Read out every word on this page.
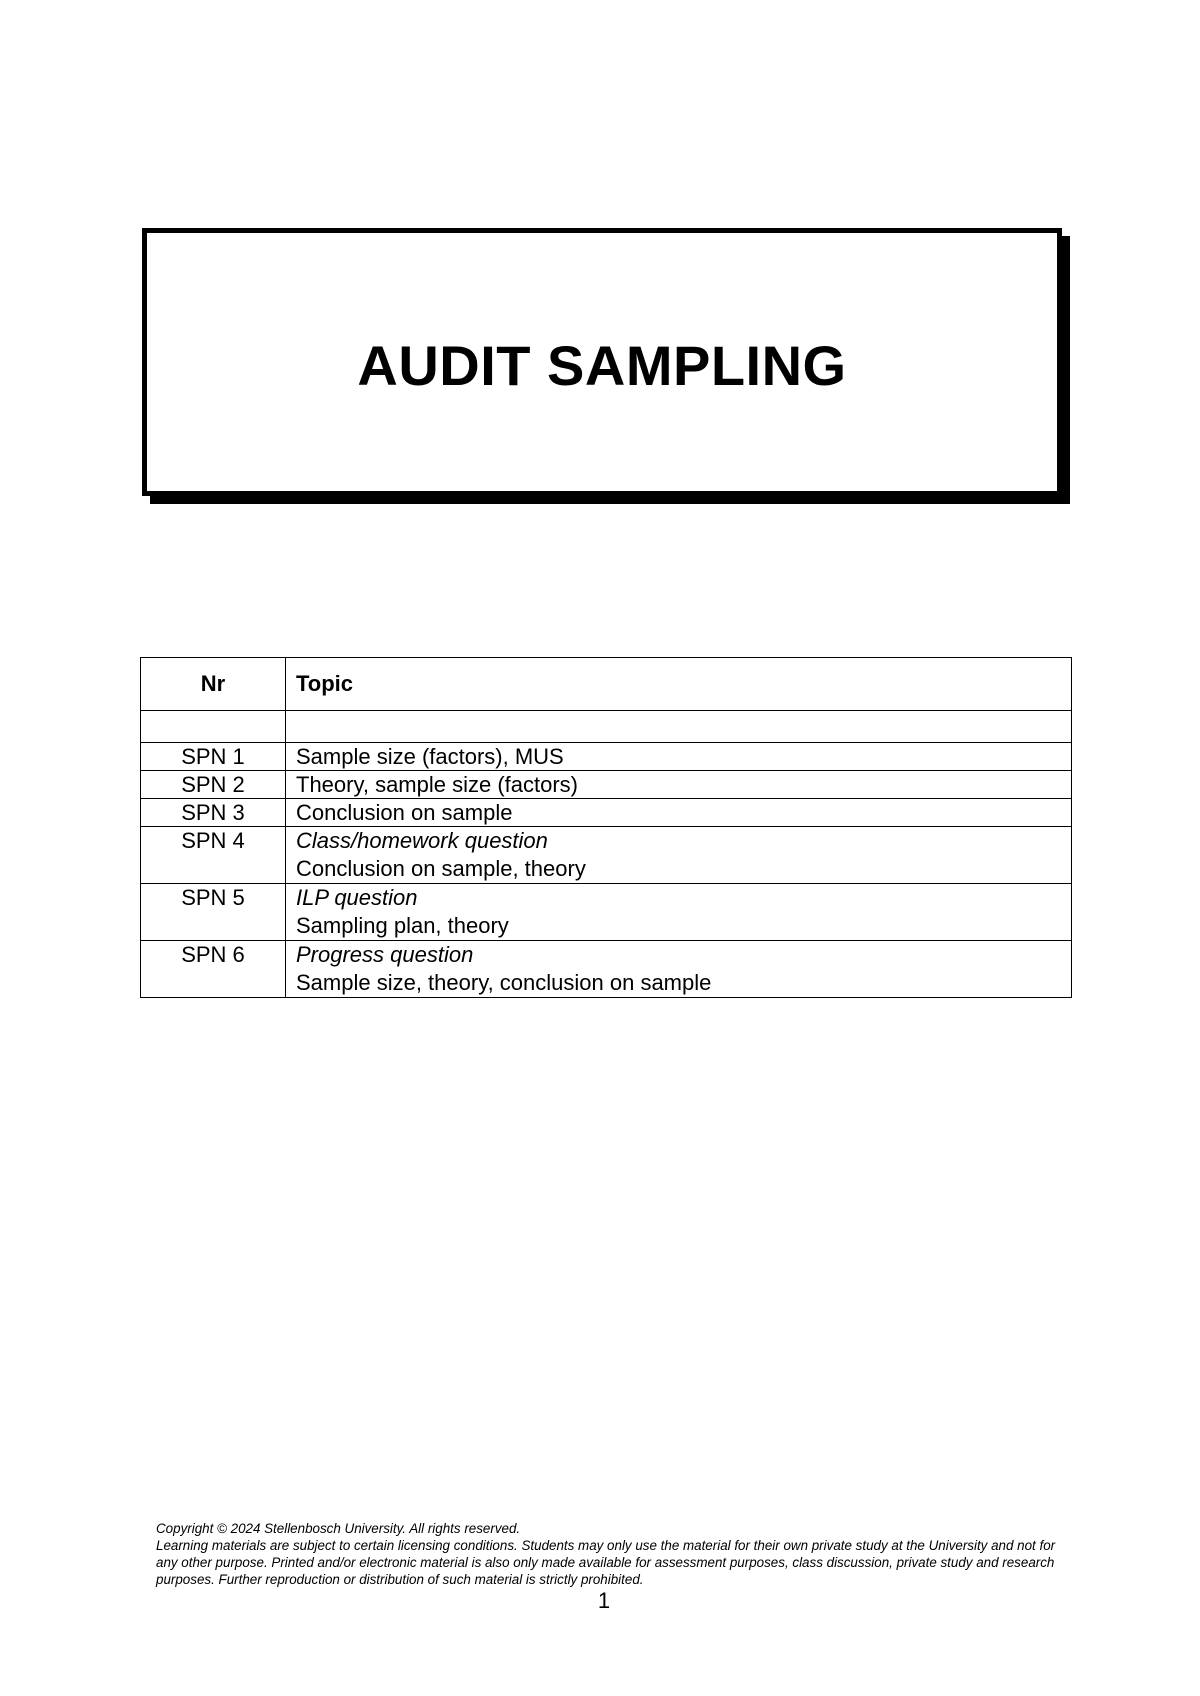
AUDIT SAMPLING
Nr	Topic

SPN 1	Sample size (factors), MUS
SPN 2	Theory, sample size (factors)
SPN 3	Conclusion on sample
SPN 4	Class/homework question
Conclusion on sample, theory

SPN 5	ILP question
Sampling plan, theory

SPN 6	Progress question
Sample size, theory, conclusion on sample

Copyright © 2024 Stellenbosch University. All rights reserved.

Learning materials are subject to certain licensing conditions. Students may only use the material for their own private study at the University and not for any other purpose. Printed and/or electronic material is also only made available for assessment purposes, class discussion, private study and research purposes. Further reproduction or distribution of such material is strictly prohibited.

1
